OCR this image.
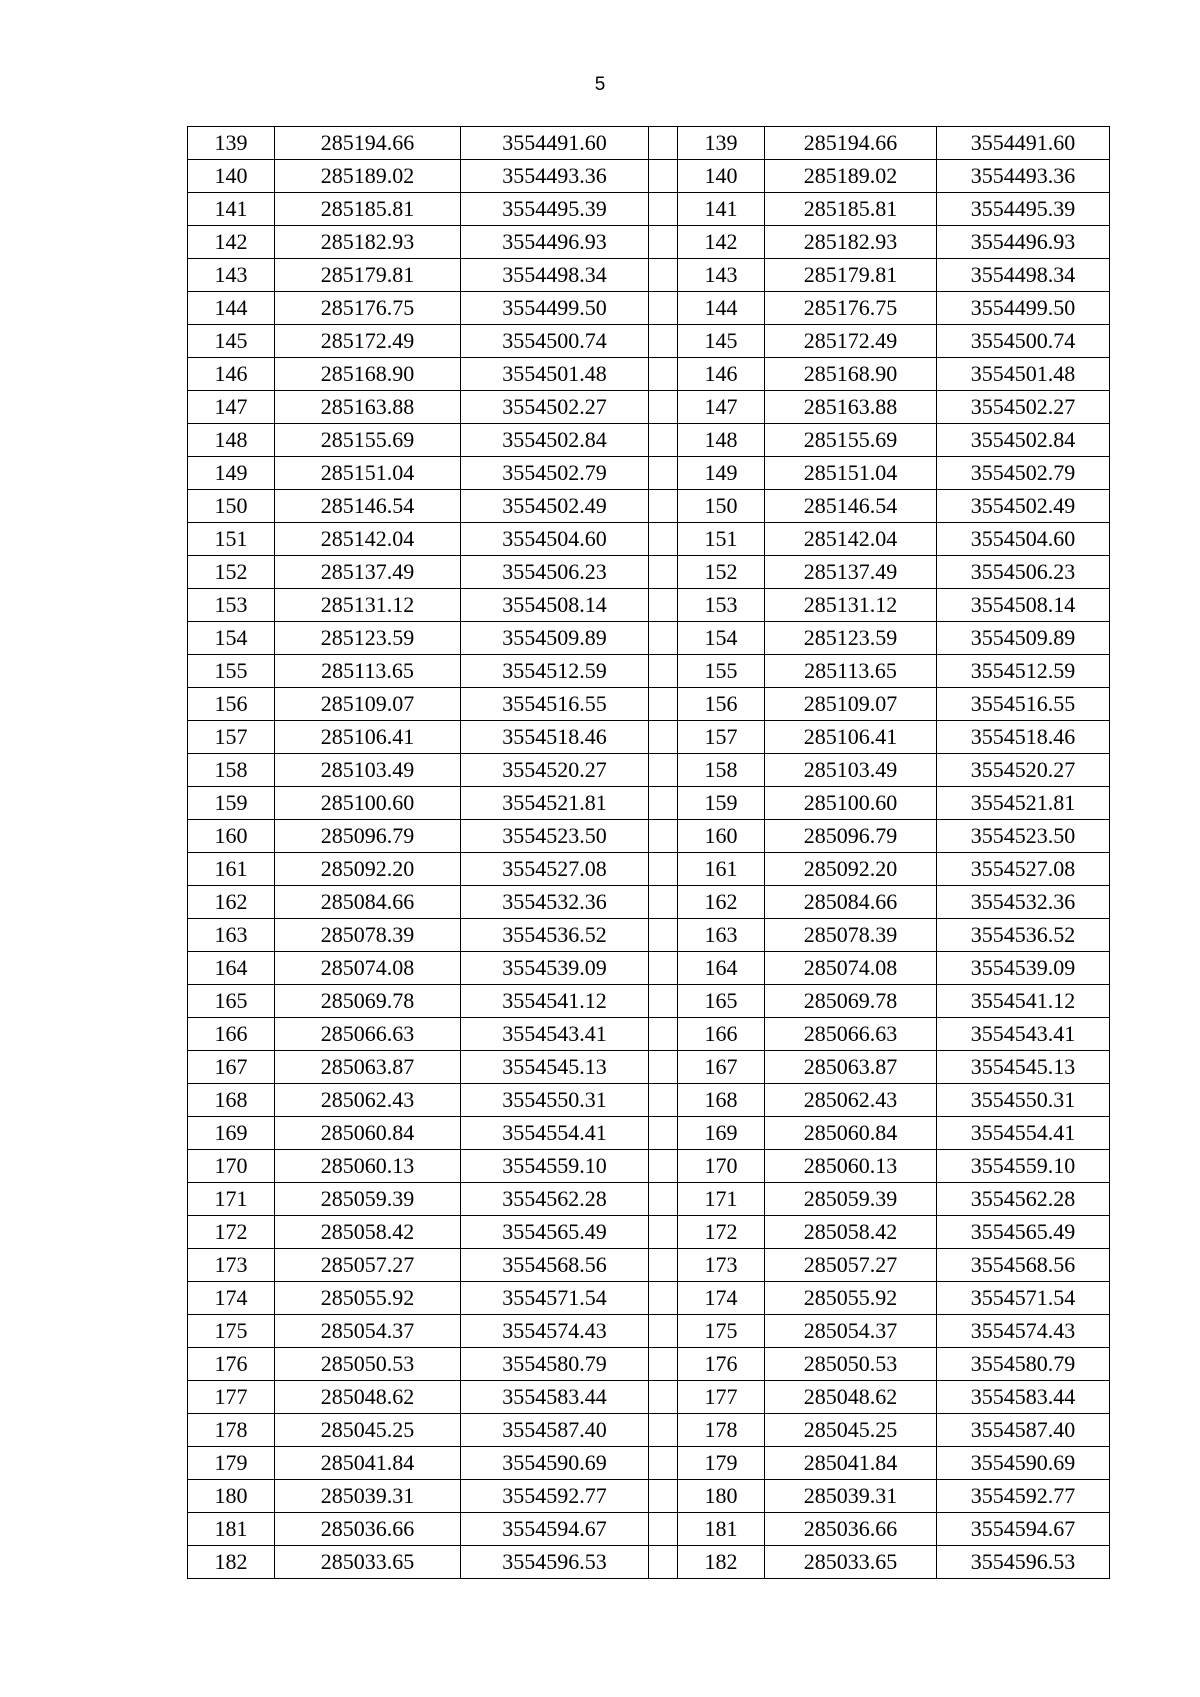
5
139	285194.66	3554491.60		139	285194.66	3554491.60
140	285189.02	3554493.36		140	285189.02	3554493.36
141	285185.81	3554495.39		141	285185.81	3554495.39
142	285182.93	3554496.93		142	285182.93	3554496.93
143	285179.81	3554498.34		143	285179.81	3554498.34
144	285176.75	3554499.50		144	285176.75	3554499.50
145	285172.49	3554500.74		145	285172.49	3554500.74
146	285168.90	3554501.48		146	285168.90	3554501.48
147	285163.88	3554502.27		147	285163.88	3554502.27
148	285155.69	3554502.84		148	285155.69	3554502.84
149	285151.04	3554502.79		149	285151.04	3554502.79
150	285146.54	3554502.49		150	285146.54	3554502.49
151	285142.04	3554504.60		151	285142.04	3554504.60
152	285137.49	3554506.23		152	285137.49	3554506.23
153	285131.12	3554508.14		153	285131.12	3554508.14
154	285123.59	3554509.89		154	285123.59	3554509.89
155	285113.65	3554512.59		155	285113.65	3554512.59
156	285109.07	3554516.55		156	285109.07	3554516.55
157	285106.41	3554518.46		157	285106.41	3554518.46
158	285103.49	3554520.27		158	285103.49	3554520.27
159	285100.60	3554521.81		159	285100.60	3554521.81
160	285096.79	3554523.50		160	285096.79	3554523.50
161	285092.20	3554527.08		161	285092.20	3554527.08
162	285084.66	3554532.36		162	285084.66	3554532.36
163	285078.39	3554536.52		163	285078.39	3554536.52
164	285074.08	3554539.09		164	285074.08	3554539.09
165	285069.78	3554541.12		165	285069.78	3554541.12
166	285066.63	3554543.41		166	285066.63	3554543.41
167	285063.87	3554545.13		167	285063.87	3554545.13
168	285062.43	3554550.31		168	285062.43	3554550.31
169	285060.84	3554554.41		169	285060.84	3554554.41
170	285060.13	3554559.10		170	285060.13	3554559.10
171	285059.39	3554562.28		171	285059.39	3554562.28
172	285058.42	3554565.49		172	285058.42	3554565.49
173	285057.27	3554568.56		173	285057.27	3554568.56
174	285055.92	3554571.54		174	285055.92	3554571.54
175	285054.37	3554574.43		175	285054.37	3554574.43
176	285050.53	3554580.79		176	285050.53	3554580.79
177	285048.62	3554583.44		177	285048.62	3554583.44
178	285045.25	3554587.40		178	285045.25	3554587.40
179	285041.84	3554590.69		179	285041.84	3554590.69
180	285039.31	3554592.77		180	285039.31	3554592.77
181	285036.66	3554594.67		181	285036.66	3554594.67
182	285033.65	3554596.53		182	285033.65	3554596.53
